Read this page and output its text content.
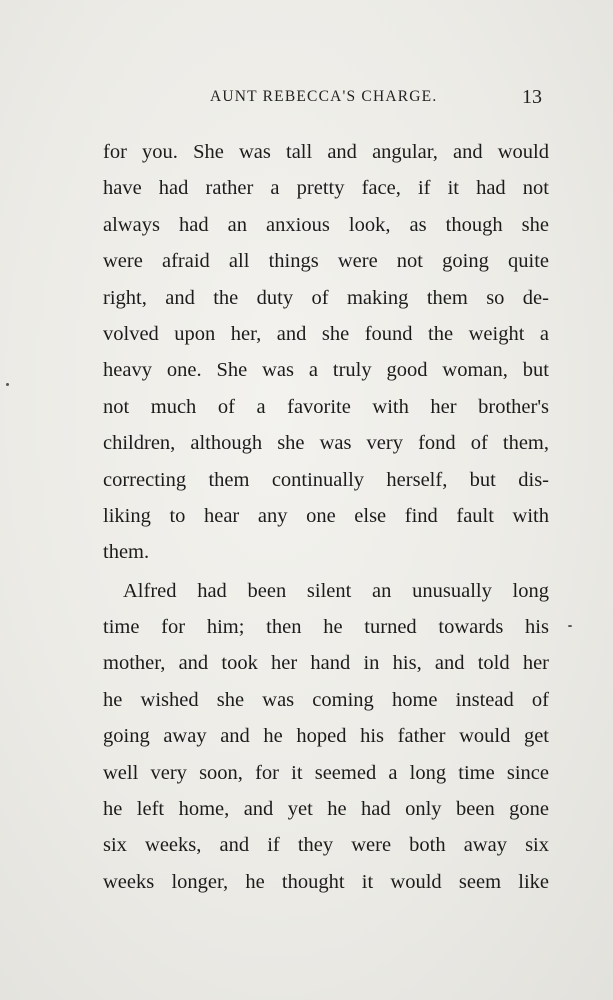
AUNT REBECCA'S CHARGE.	13
for you. She was tall and angular, and would
have had rather a pretty face, if it had not
always had an anxious look, as though she
were afraid all things were not going quite
right, and the duty of making them so de-
volved upon her, and she found the weight a
heavy one. She was a truly good woman, but
not much of a favorite with her brother's
children, although she was very fond of them,
correcting them continually herself, but dis-
liking to hear any one else find fault with
them.
Alfred had been silent an unusually long
time for him; then he turned towards his
mother, and took her hand in his, and told her
he wished she was coming home instead of
going away and he hoped his father would get
well very soon, for it seemed a long time since
he left home, and yet he had only been gone
six weeks, and if they were both away six
weeks longer, he thought it would seem like
